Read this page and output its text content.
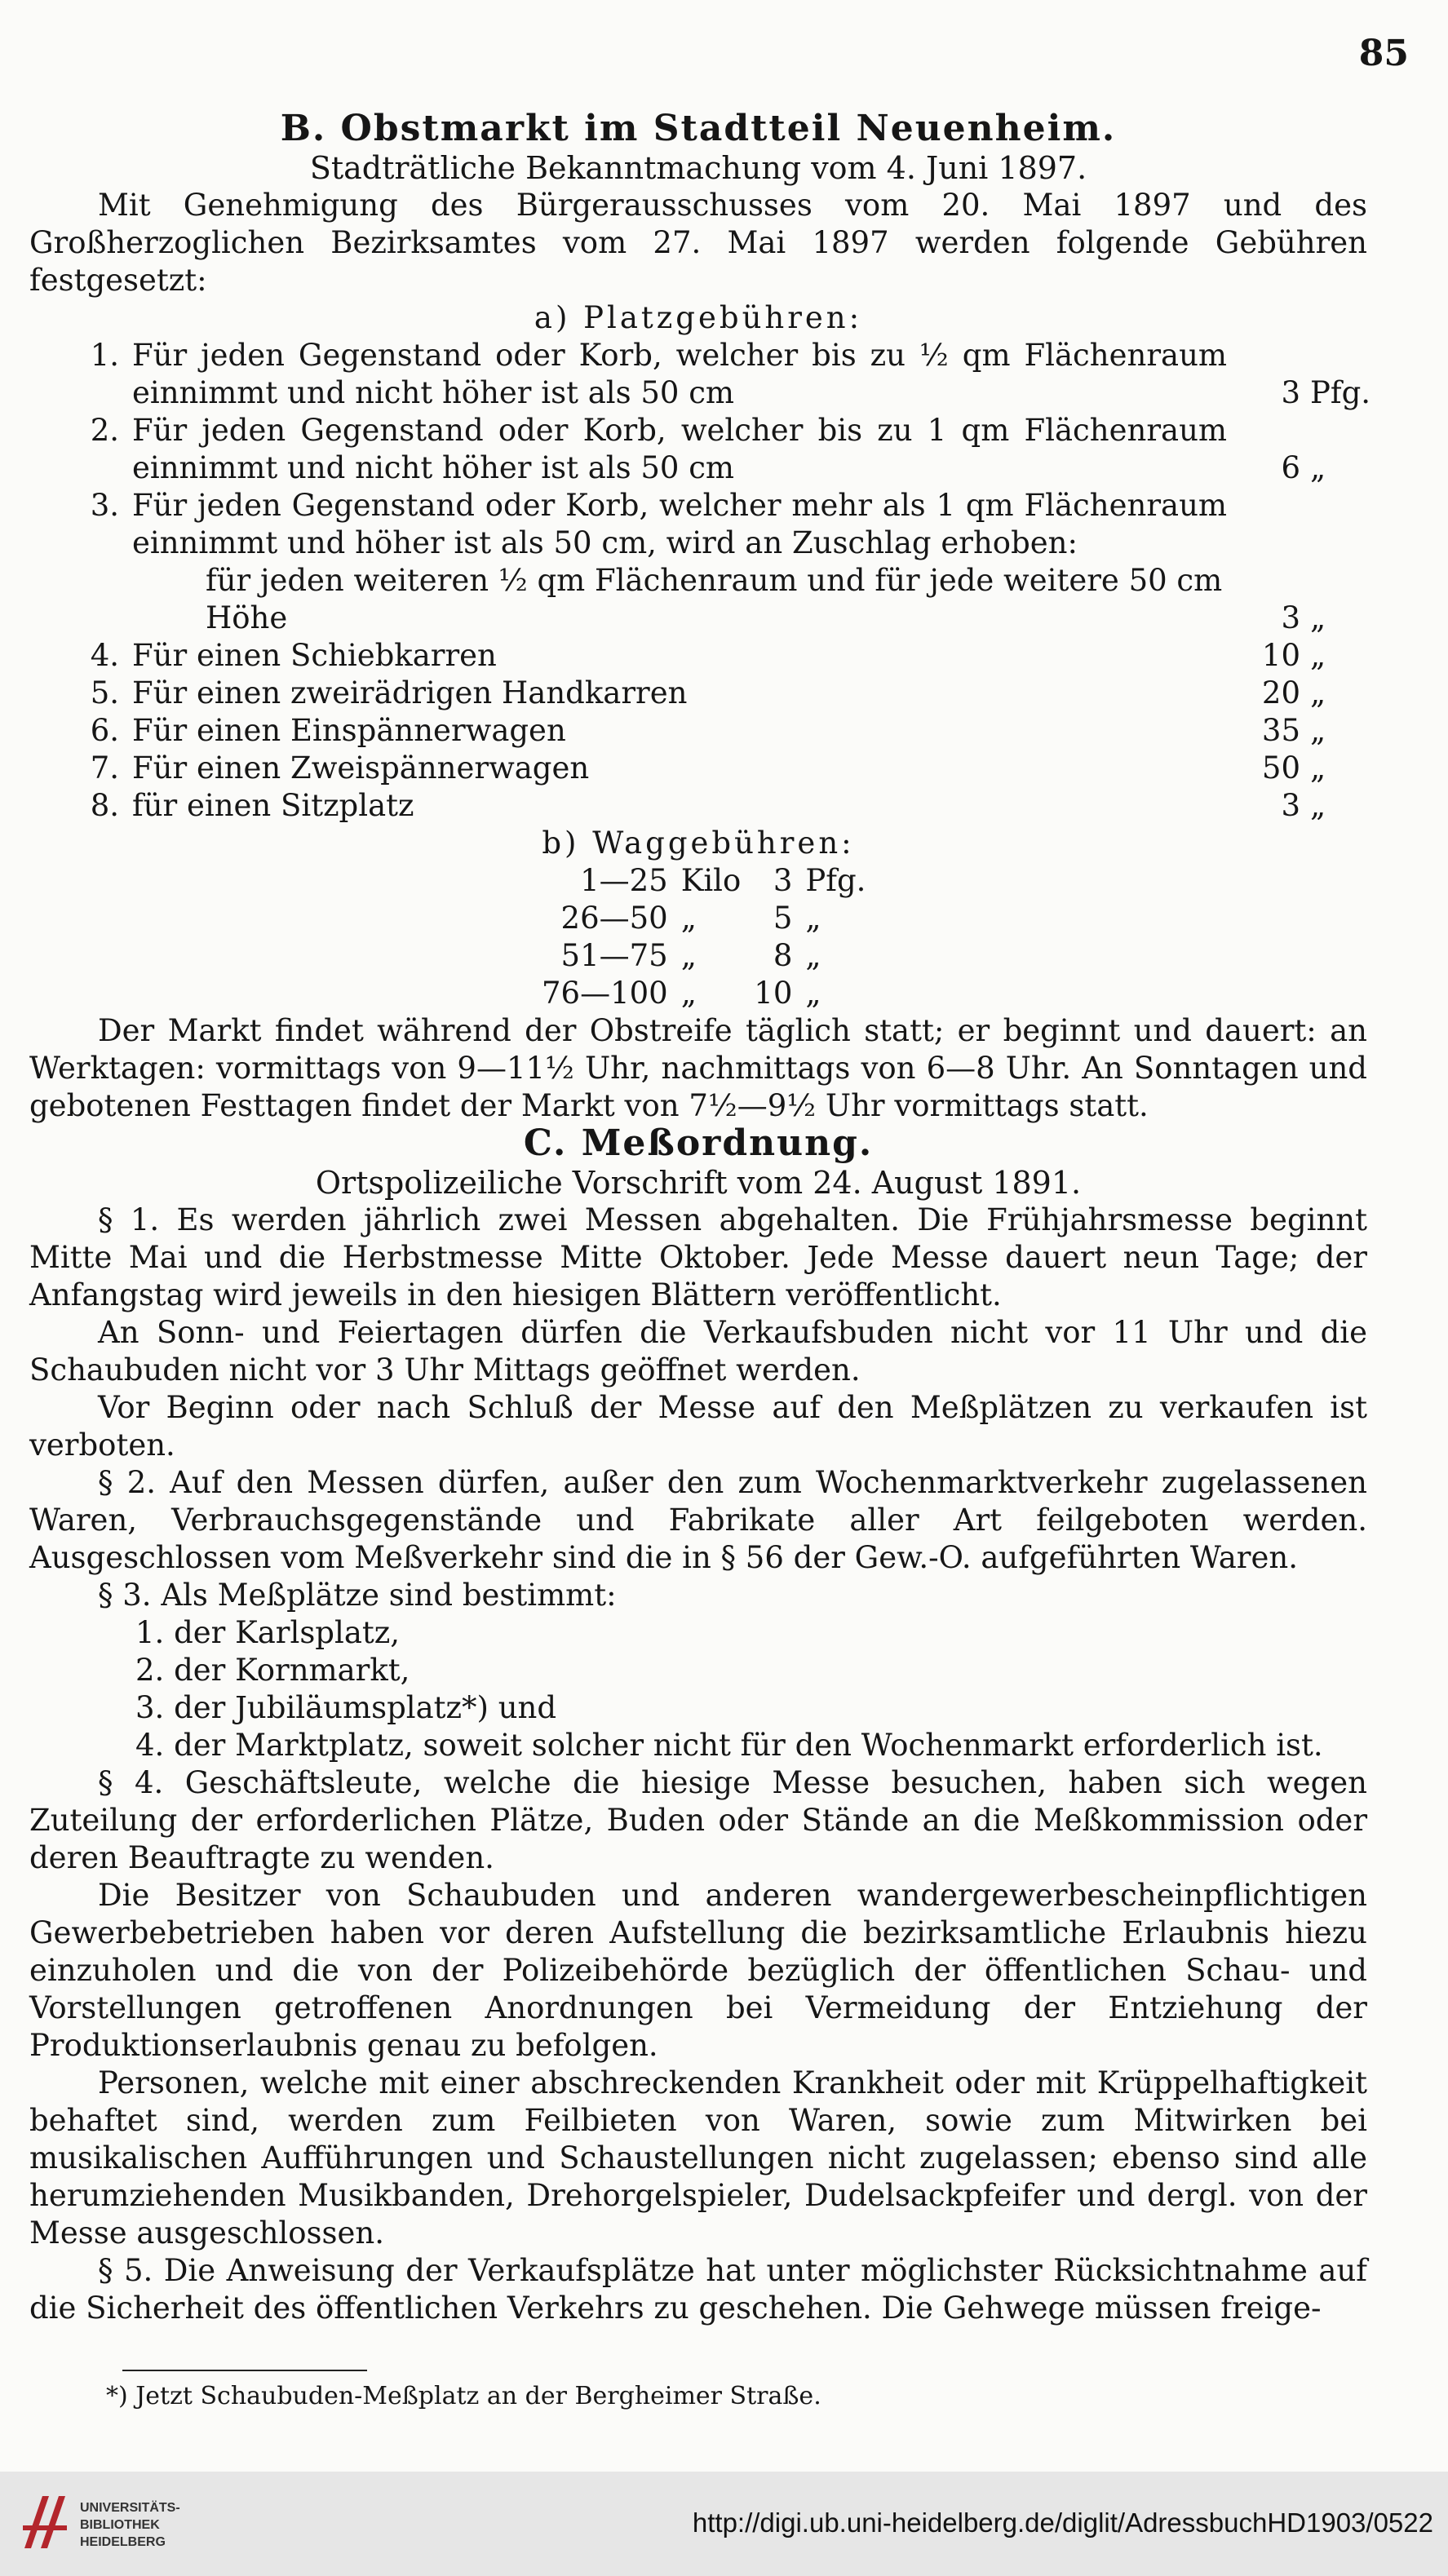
85
B. Obstmarkt im Stadtteil Neuenheim.
Stadträtliche Bekanntmachung vom 4. Juni 1897.
Mit Genehmigung des Bürgerausschusses vom 20. Mai 1897 und des Großherzoglichen Bezirksamtes vom 27. Mai 1897 werden folgende Gebühren festgesetzt:
a) Platzgebühren:
1. Für jeden Gegenstand oder Korb, welcher bis zu ½ qm Flächenraum einnimmt und nicht höher ist als 50 cm	3 Pfg.
2. Für jeden Gegenstand oder Korb, welcher bis zu 1 qm Flächenraum einnimmt und nicht höher ist als 50 cm	6 „
3. Für jeden Gegenstand oder Korb, welcher mehr als 1 qm Flächenraum einnimmt und höher ist als 50 cm, wird an Zuschlag erhoben:
für jeden weiteren ½ qm Flächenraum und für jede weitere 50 cm Höhe	3 „
4. Für einen Schiebkarren	10 „
5. Für einen zweirädrigen Handkarren	20 „
6. Für einen Einspännerwagen	35 „
7. Für einen Zweispännerwagen	50 „
8. für einen Sitzplatz	3 „
b) Waggebühren:
1—25	Kilo	3	Pfg.
26—50	„	5	„
51—75	„	8	„
76—100	„	10	„
Der Markt findet während der Obstreife täglich statt; er beginnt und dauert: an Werktagen: vormittags von 9—11½ Uhr, nachmittags von 6—8 Uhr. An Sonntagen und gebotenen Festtagen findet der Markt von 7½—9½ Uhr vormittags statt.
C. Meßordnung.
Ortspolizeiliche Vorschrift vom 24. August 1891.
§ 1. Es werden jährlich zwei Messen abgehalten. Die Frühjahrsmesse beginnt Mitte Mai und die Herbstmesse Mitte Oktober. Jede Messe dauert neun Tage; der Anfangstag wird jeweils in den hiesigen Blättern veröffentlicht.
An Sonn- und Feiertagen dürfen die Verkaufsbuden nicht vor 11 Uhr und die Schaubuden nicht vor 3 Uhr Mittags geöffnet werden.
Vor Beginn oder nach Schluß der Messe auf den Meßplätzen zu verkaufen ist verboten.
§ 2. Auf den Messen dürfen, außer den zum Wochenmarktverkehr zugelassenen Waren, Verbrauchsgegenstände und Fabrikate aller Art feilgeboten werden. Ausgeschlossen vom Meßverkehr sind die in § 56 der Gew.-O. aufgeführten Waren.
§ 3. Als Meßplätze sind bestimmt:
1. der Karlsplatz,
2. der Kornmarkt,
3. der Jubiläumsplatz*) und
4. der Marktplatz, soweit solcher nicht für den Wochenmarkt erforderlich ist.
§ 4. Geschäftsleute, welche die hiesige Messe besuchen, haben sich wegen Zuteilung der erforderlichen Plätze, Buden oder Stände an die Meßkommission oder deren Beauftragte zu wenden.
Die Besitzer von Schaubuden und anderen wandergewerbescheinpflichtigen Gewerbebetrieben haben vor deren Aufstellung die bezirksamtliche Erlaubnis hiezu einzuholen und die von der Polizeibehörde bezüglich der öffentlichen Schau- und Vorstellungen getroffenen Anordnungen bei Vermeidung der Entziehung der Produktionserlaubnis genau zu befolgen.
Personen, welche mit einer abschreckenden Krankheit oder mit Krüppelhaftigkeit behaftet sind, werden zum Feilbieten von Waren, sowie zum Mitwirken bei musikalischen Aufführungen und Schaustellungen nicht zugelassen; ebenso sind alle herumziehenden Musikbanden, Drehorgelspieler, Dudelsackpfeifer und dergl. von der Messe ausgeschlossen.
§ 5. Die Anweisung der Verkaufsplätze hat unter möglichster Rücksichtnahme auf die Sicherheit des öffentlichen Verkehrs zu geschehen. Die Gehwege müssen freige-
*) Jetzt Schaubuden-Meßplatz an der Bergheimer Straße.
UNIVERSITÄTS-
BIBLIOTHEK
HEIDELBERG
http://digi.ub.uni-heidelberg.de/diglit/AdressbuchHD1903/0522
